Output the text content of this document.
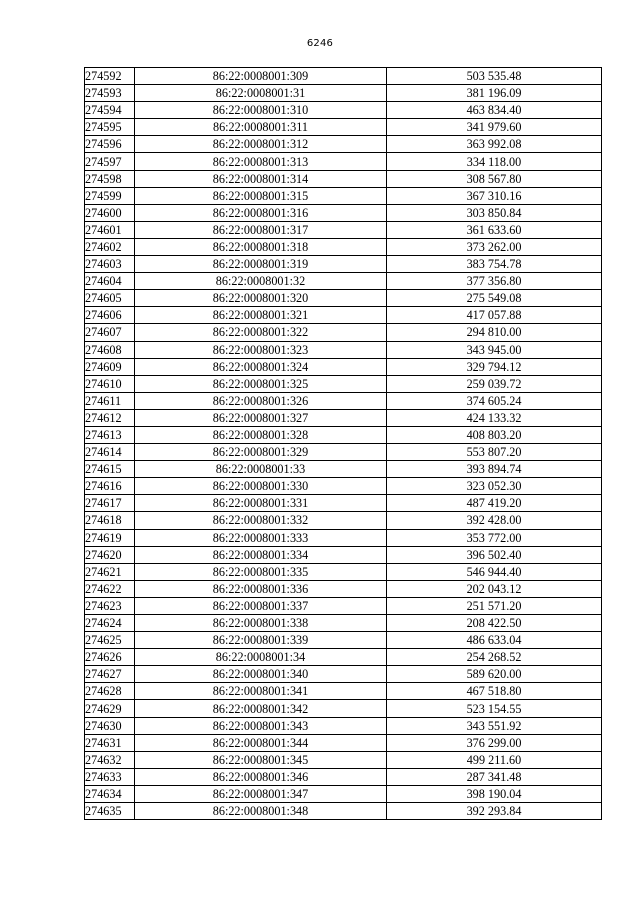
6246
274592	86:22:0008001:309	503 535.48
274593	86:22:0008001:31	381 196.09
274594	86:22:0008001:310	463 834.40
274595	86:22:0008001:311	341 979.60
274596	86:22:0008001:312	363 992.08
274597	86:22:0008001:313	334 118.00
274598	86:22:0008001:314	308 567.80
274599	86:22:0008001:315	367 310.16
274600	86:22:0008001:316	303 850.84
274601	86:22:0008001:317	361 633.60
274602	86:22:0008001:318	373 262.00
274603	86:22:0008001:319	383 754.78
274604	86:22:0008001:32	377 356.80
274605	86:22:0008001:320	275 549.08
274606	86:22:0008001:321	417 057.88
274607	86:22:0008001:322	294 810.00
274608	86:22:0008001:323	343 945.00
274609	86:22:0008001:324	329 794.12
274610	86:22:0008001:325	259 039.72
274611	86:22:0008001:326	374 605.24
274612	86:22:0008001:327	424 133.32
274613	86:22:0008001:328	408 803.20
274614	86:22:0008001:329	553 807.20
274615	86:22:0008001:33	393 894.74
274616	86:22:0008001:330	323 052.30
274617	86:22:0008001:331	487 419.20
274618	86:22:0008001:332	392 428.00
274619	86:22:0008001:333	353 772.00
274620	86:22:0008001:334	396 502.40
274621	86:22:0008001:335	546 944.40
274622	86:22:0008001:336	202 043.12
274623	86:22:0008001:337	251 571.20
274624	86:22:0008001:338	208 422.50
274625	86:22:0008001:339	486 633.04
274626	86:22:0008001:34	254 268.52
274627	86:22:0008001:340	589 620.00
274628	86:22:0008001:341	467 518.80
274629	86:22:0008001:342	523 154.55
274630	86:22:0008001:343	343 551.92
274631	86:22:0008001:344	376 299.00
274632	86:22:0008001:345	499 211.60
274633	86:22:0008001:346	287 341.48
274634	86:22:0008001:347	398 190.04
274635	86:22:0008001:348	392 293.84
